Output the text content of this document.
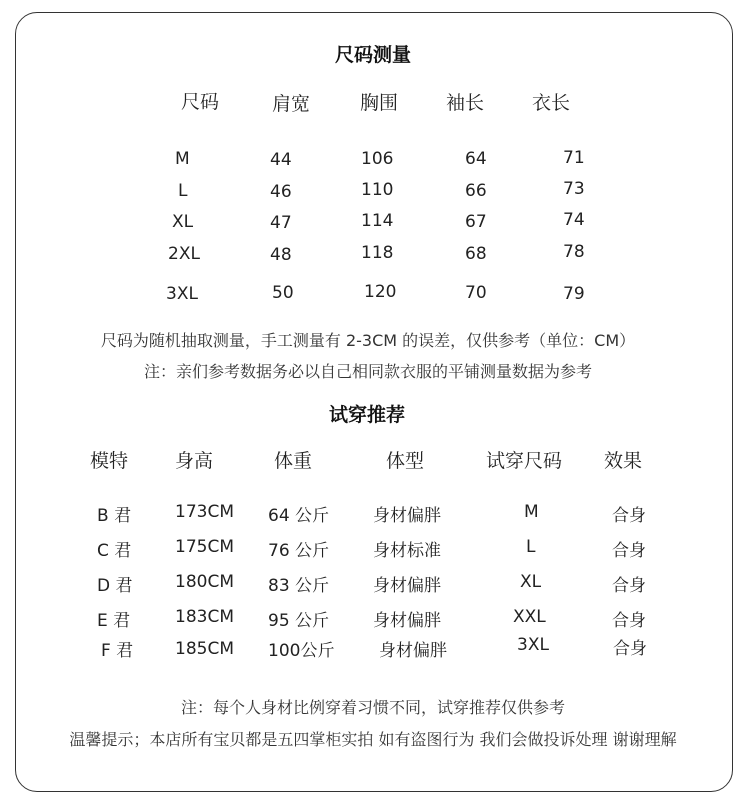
尺码测量
尺码	肩宽	胸围	袖长	衣长
M	44	106	64	71
L	46	110	66	73
XL	47	114	67	74
2XL	48	118	68	78
3XL	50	120	70	79
尺码为随机抽取测量，手工测量有 2-3CM 的误差，仅供参考（单位：CM）
注：亲们参考数据务必以自己相同款衣服的平铺测量数据为参考
试穿推荐
模特 身高	体重	体型	试穿尺码 效果
B 君	173CM 64 公斤	身材偏胖	M	合身
C 君	175CM 76 公斤	身材标准	L	合身
D 君	180CM 83 公斤	身材偏胖	XL	合身
E 君	183CM 95 公斤	身材偏胖	XXL	合身
F 君 185CM 100公斤	身材偏胖	3XL	合身
注：每个人身材比例穿着习惯不同，试穿推荐仅供参考
温馨提示；本店所有宝贝都是五四掌柜实拍 如有盗图行为 我们会做投诉处理 谢谢理解
